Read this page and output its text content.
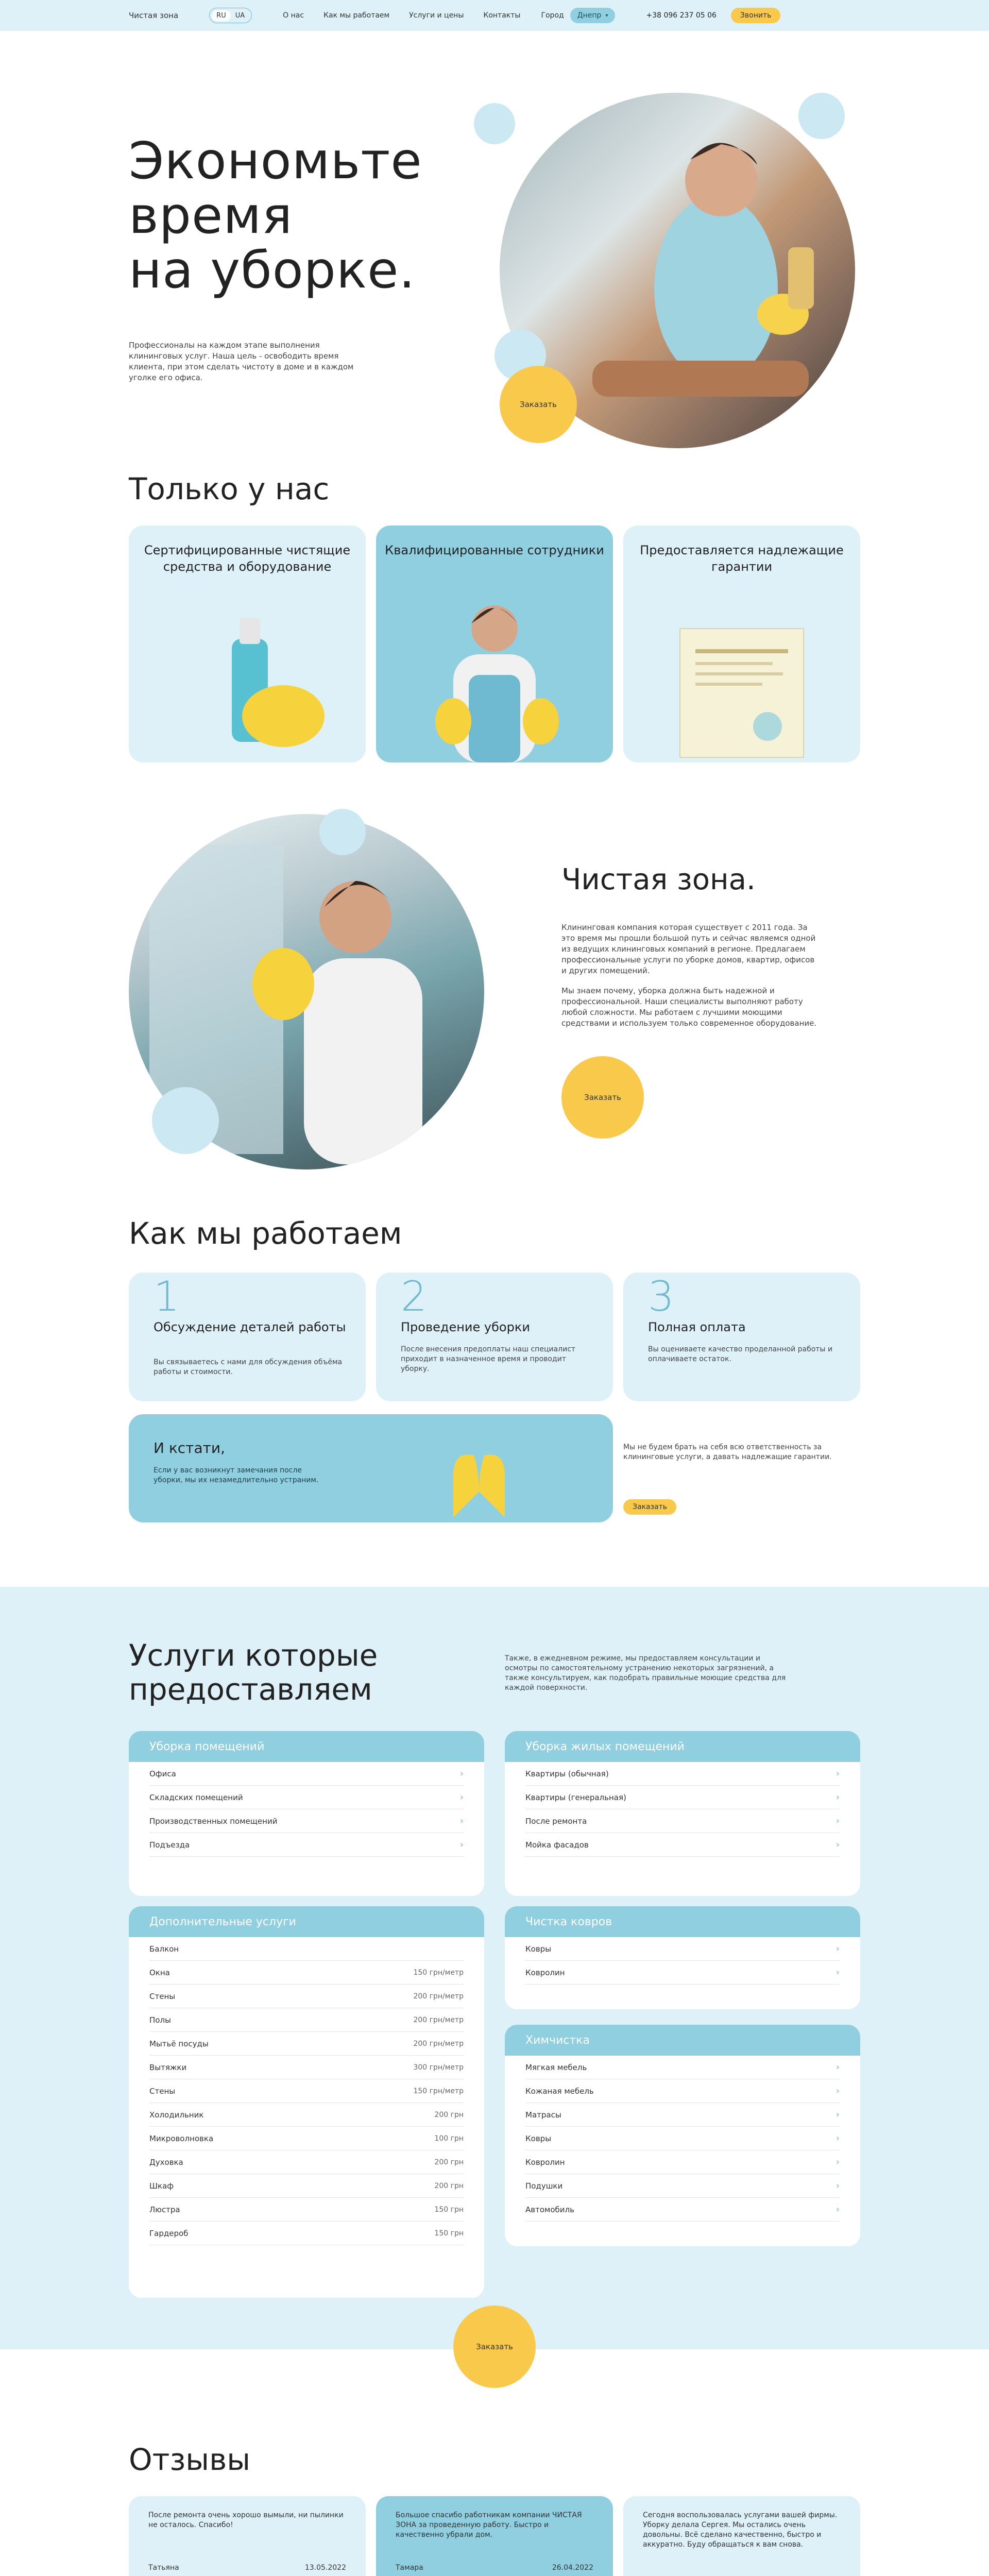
Чистая зона	RU	UA	О нас	Как мы работаем	Услуги и цены	Контакты	Город Днепр ▾	+38 096 237 05 06	Звонить
Экономьте
время
на уборке.

Профессионалы на каждом этапе выполнения клининговых услуг. Наша цель - освободить время клиента, при этом сделать чистоту в доме и в каждом уголке его офиса.

Заказать
Только у нас
Сертифицированные чистящие средства и оборудование
Квалифицированные сотрудники	Предоставляется надлежащие гарантии
Чистая зона.

Клининговая компания которая существует с 2011 года. За это время мы прошли большой путь и сейчас являемся одной из ведущих клининговых компаний в регионе. Предлагаем профессиональные услуги по уборке домов, квартир, офисов и других помещений.

Мы знаем почему, уборка должна быть надежной и профессиональной. Наши специалисты выполняют работу любой сложности. Мы работаем с лучшими моющими средствами и используем только современное оборудование.

Заказать
Как мы работаем
1
Обсуждение деталей работы
Вы связываетесь с нами для обсуждения объёма работы и стоимости.
2
Проведение уборки
После внесения предоплаты наш специалист приходит в назначенное время и проводит уборку.
3
Полная оплата
Вы оцениваете качество проделанной работы и оплачиваете остаток.
И кстати,
Если у вас возникнут замечания после уборки, мы их незамедлительно устраним.
Мы не будем брать на себя всю ответственность за клининговые услуги, а давать надлежащие гарантии.
Заказать
Услуги которые
предоставляем
Также, в ежедневном режиме, мы предоставляем консультации и осмотры по самостоятельному устранению некоторых загрязнений, а также консультируем, как подобрать правильные моющие средства для каждой поверхности.
Уборка помещений
Офиса	›
Складских помещений	›
Производственных помещений	›
Подъезда	›
Уборка жилых помещений
Квартиры (обычная)	›
Квартиры (генеральная)	›
После ремонта	›
Мойка фасадов	›
Дополнительные услуги
Балкон
Окна	150 грн/метр
Стены	200 грн/метр
Полы	200 грн/метр
Мытьё посуды	200 грн/метр
Вытяжки	300 грн/метр
Стены	150 грн/метр
Холодильник	200 грн
Микроволновка	100 грн
Духовка	200 грн
Шкаф	200 грн
Люстра	150 грн
Гардероб	150 грн
Чистка ковров
Ковры	›
Ковролин	›
Химчистка
Мягкая мебель	›
Кожаная мебель	›
Матрасы	›
Ковры	›
Ковролин	›
Подушки	›
Автомобиль	›
Заказать
Отзывы
После ремонта очень хорошо вымыли, ни пылинки не осталось. Спасибо!
Татьяна	13.05.2022
Большое спасибо работникам компании ЧИСТАЯ ЗОНА за проведенную работу. Быстро и качественно убрали дом.
Тамара	26.04.2022
Сегодня воспользовалась услугами вашей фирмы. Уборку делала Сергея. Мы остались очень довольны. Всё сделано качественно, быстро и аккуратно. Буду обращаться к вам снова.
